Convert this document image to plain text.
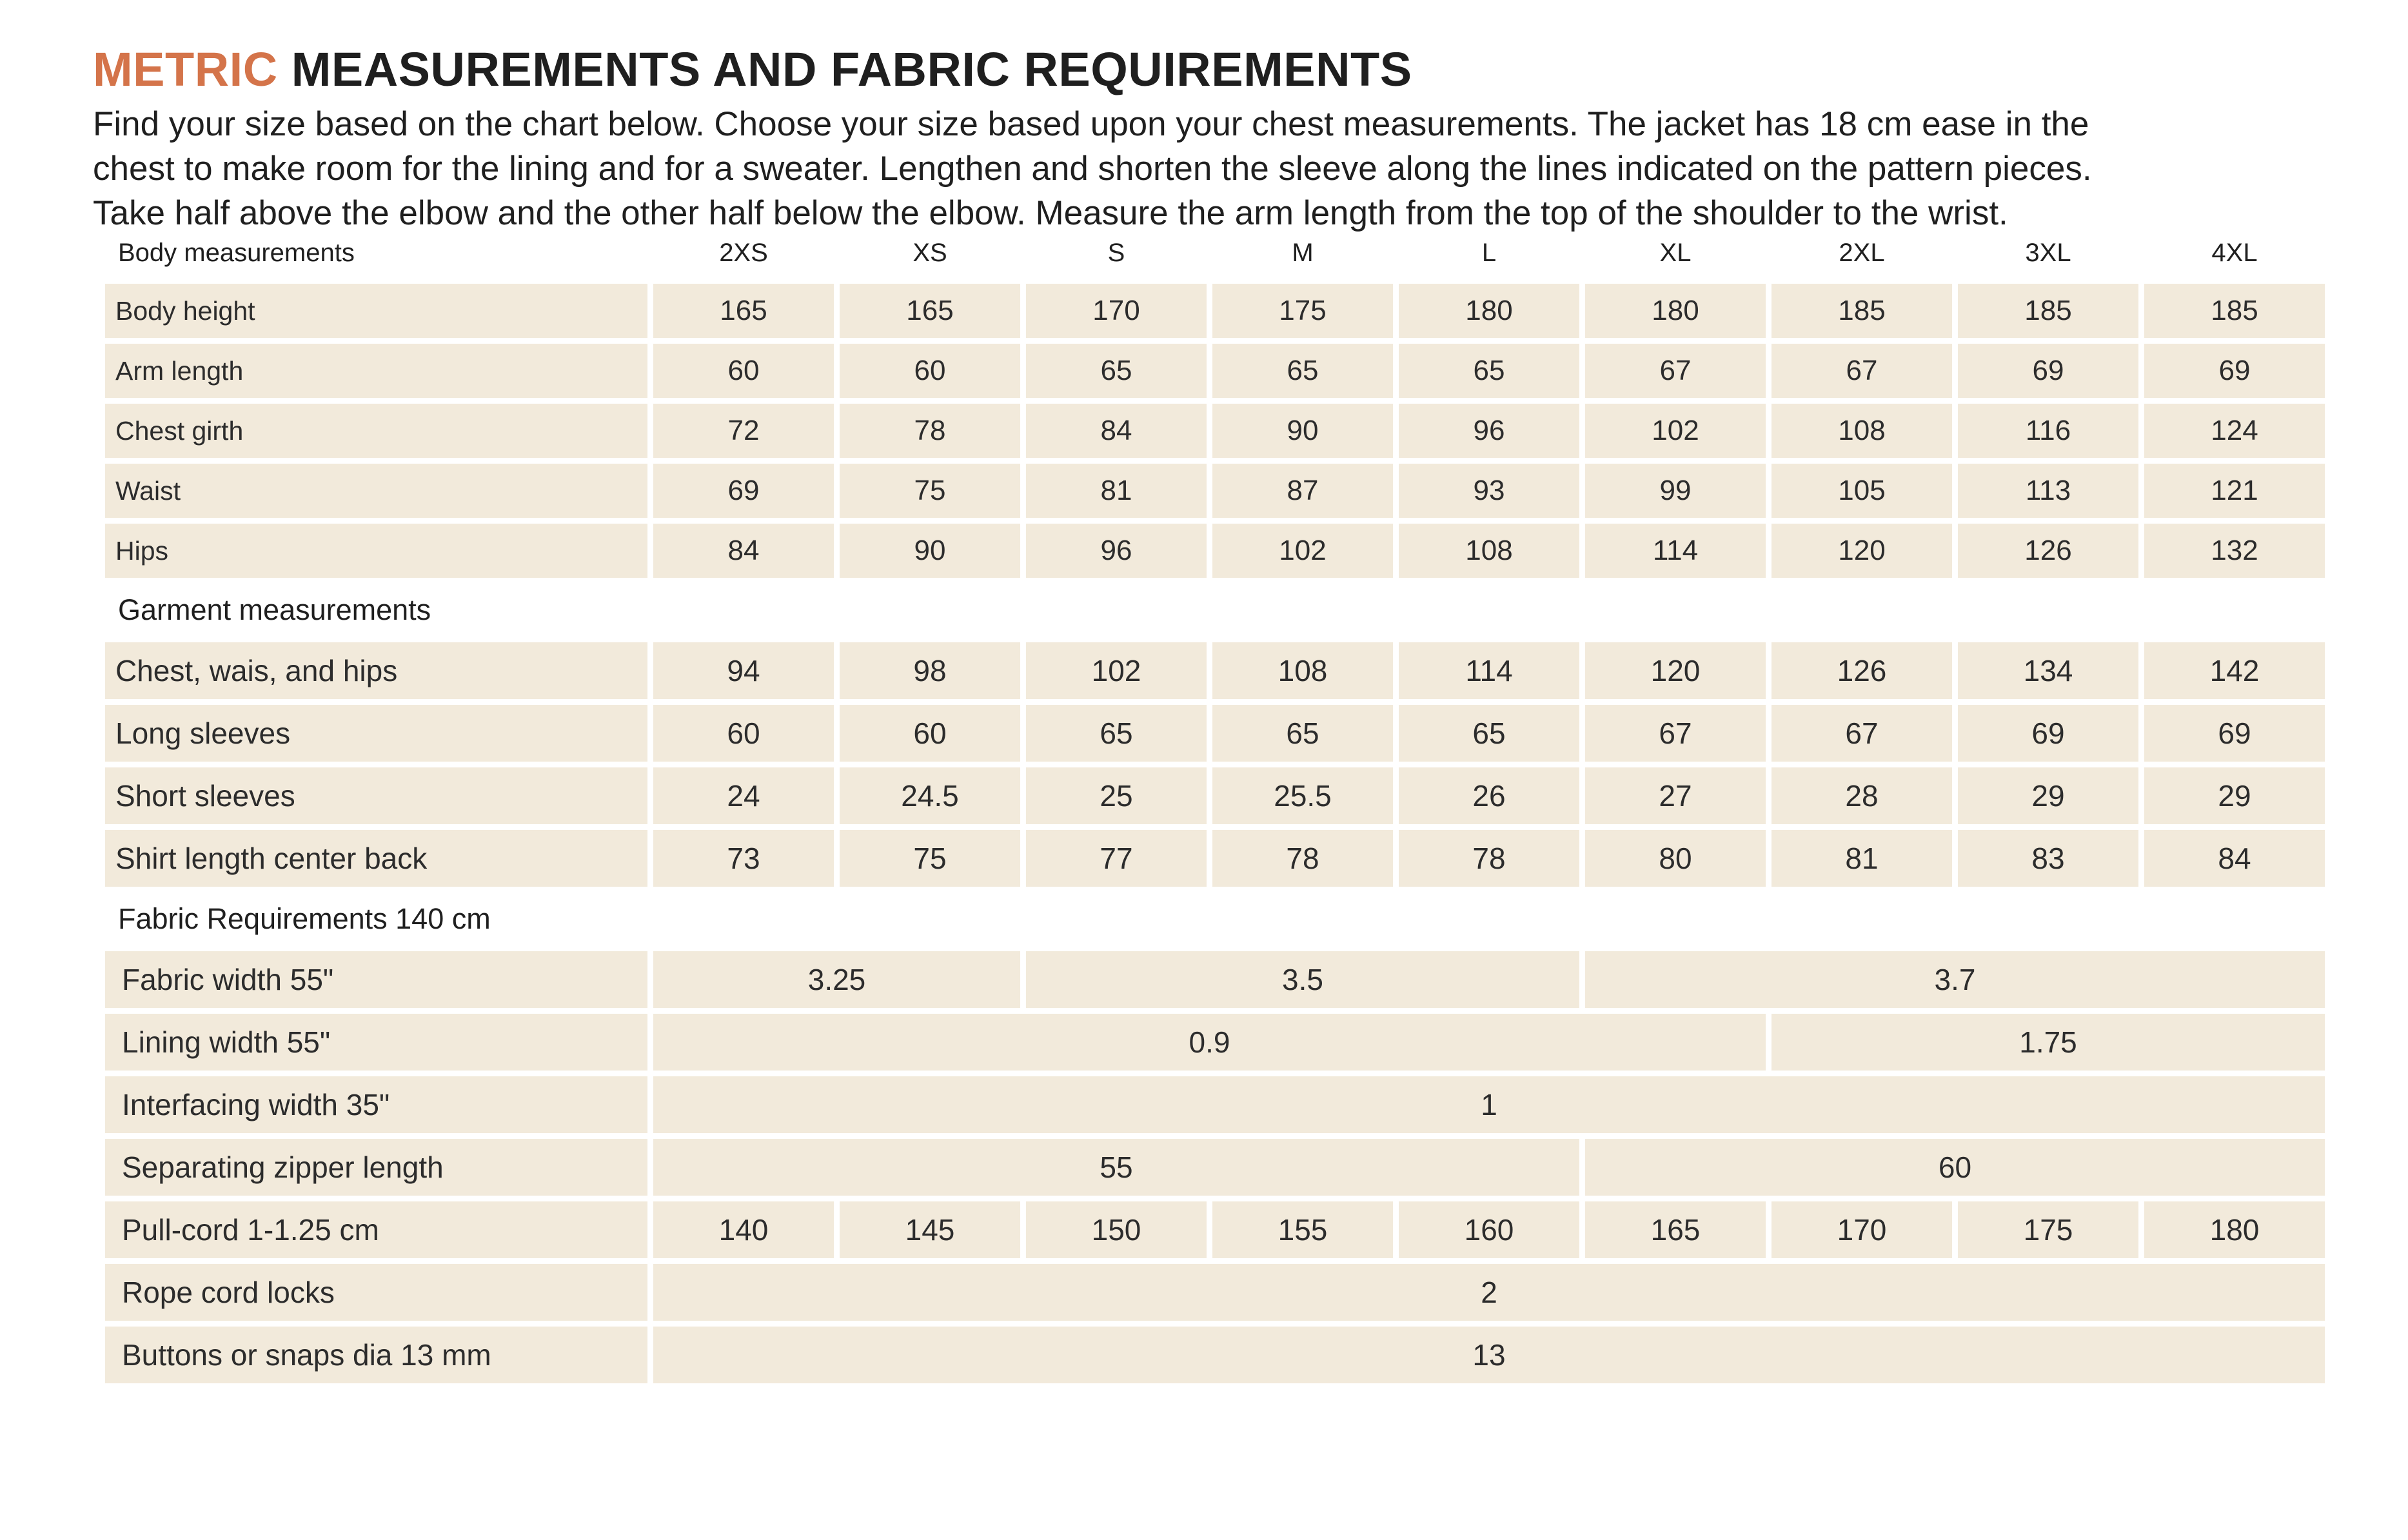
METRIC MEASUREMENTS AND FABRIC REQUIREMENTS

Find your size based on the chart below. Choose your size based upon your chest measurements. The jacket has 18 cm ease in the

chest to make room for the lining and for a sweater. Lengthen and shorten the sleeve along the lines indicated on the pattern pieces.

Take half above the elbow and the other half below the elbow. Measure the arm length from the top of the shoulder to the wrist.

Body measurements	2XS	XS	S	M	L	XL	2XL	3XL	4XL
Body height	165	165	170	175	180	180	185	185	185
Arm length	60	60	65	65	65	67	67	69	69
Chest girth	72	78	84	90	96	102	108	116	124
Waist	69	75	81	87	93	99	105	113	121
Hips	84	90	96	102	108	114	120	126	132
Garment measurements									
Chest, wais, and hips	94	98	102	108	114	120	126	134	142
Long sleeves	60	60	65	65	65	67	67	69	69
Short sleeves	24	24.5	25	25.5	26	27	28	29	29
Shirt length center back	73	75	77	78	78	80	81	83	84
Fabric Requirements 140 cm									
Fabric width 55"	3.25		3.5			3.7			
Lining width 55"	0.9						1.75		
Interfacing width 35"	1								
Separating zipper length	55					60			
Pull-cord 1-1.25 cm	140	145	150	155	160	165	170	175	180
Rope cord locks	2								
Buttons or snaps dia 13 mm	13								
